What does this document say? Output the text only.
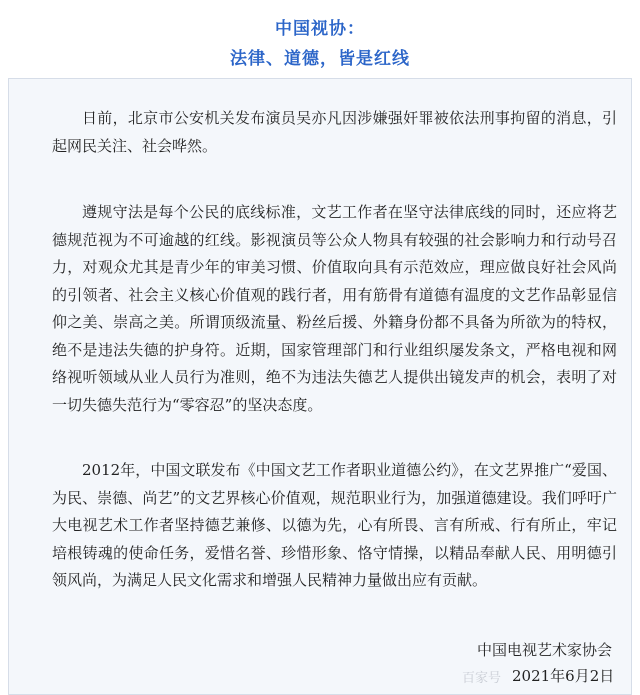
中国视协：
法律、道德，皆是红线

日前，北京市公安机关发布演员吴亦凡因涉嫌强奸罪被依法刑事拘留的消息，引起网民关注、社会哗然。

遵规守法是每个公民的底线标准，文艺工作者在坚守法律底线的同时，还应将艺德规范视为不可逾越的红线。影视演员等公众人物具有较强的社会影响力和行动号召力，对观众尤其是青少年的审美习惯、价值取向具有示范效应，理应做良好社会风尚的引领者、社会主义核心价值观的践行者，用有筋骨有道德有温度的文艺作品彰显信仰之美、崇高之美。所谓顶级流量、粉丝后援、外籍身份都不具备为所欲为的特权，绝不是违法失德的护身符。近期，国家管理部门和行业组织屡发条文，严格电视和网络视听领域从业人员行为准则，绝不为违法失德艺人提供出镜发声的机会，表明了对一切失德失范行为“零容忍”的坚决态度。

2012年，中国文联发布《中国文艺工作者职业道德公约》，在文艺界推广“爱国、为民、崇德、尚艺”的文艺界核心价值观，规范职业行为，加强道德建设。我们呼吁广大电视艺术工作者坚持德艺兼修、以德为先，心有所畏、言有所戒、行有所止，牢记培根铸魂的使命任务，爱惜名誉、珍惜形象、恪守情操，以精品奉献人民、用明德引领风尚，为满足人民文化需求和增强人民精神力量做出应有贡献。

中国电视艺术家协会
百家号 2021年6月2日
